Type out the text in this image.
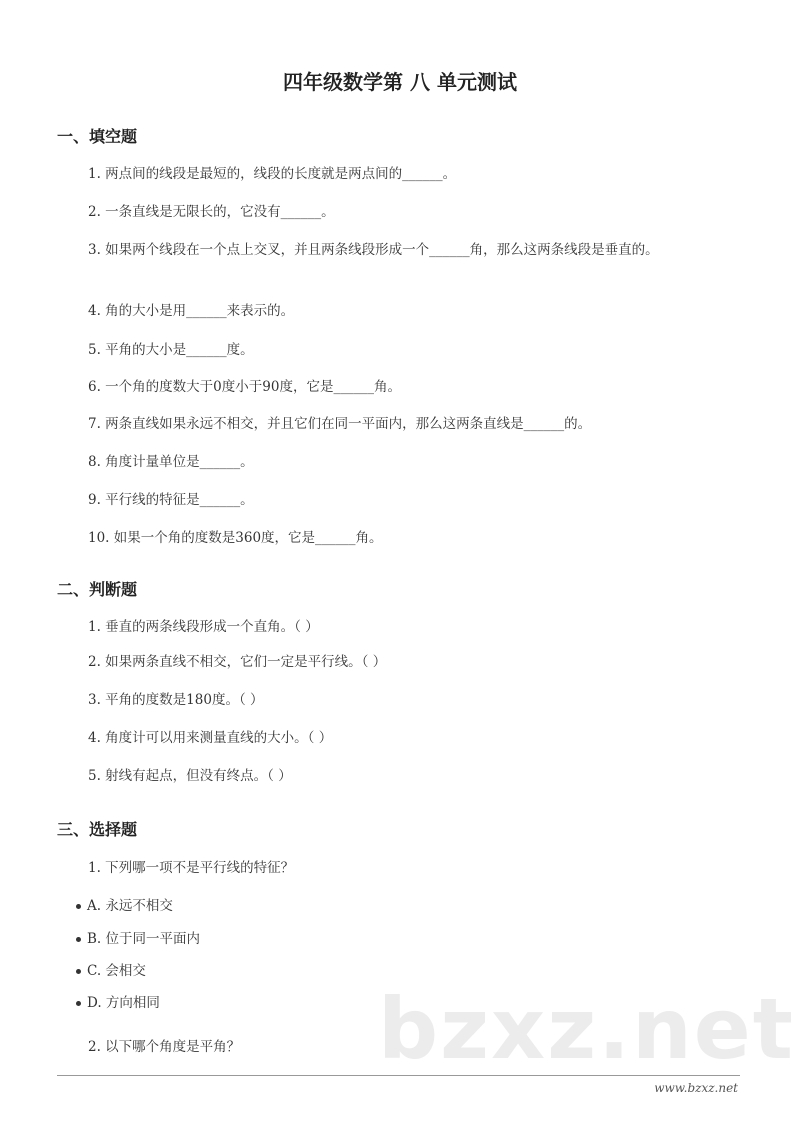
四年级数学第 八 单元测试
一、填空题
1. 两点间的线段是最短的，线段的长度就是两点间的______。
2. 一条直线是无限长的，它没有______。
3. 如果两个线段在一个点上交叉，并且两条线段形成一个______角，那么这两条线段是垂直的。
4. 角的大小是用______来表示的。
5. 平角的大小是______度。
6. 一个角的度数大于0度小于90度，它是______角。
7. 两条直线如果永远不相交，并且它们在同一平面内，那么这两条直线是______的。
8. 角度计量单位是______。
9. 平行线的特征是______。
10. 如果一个角的度数是360度，它是______角。
二、判断题
1. 垂直的两条线段形成一个直角。（ ）
2. 如果两条直线不相交，它们一定是平行线。（ ）
3. 平角的度数是180度。（ ）
4. 角度计可以用来测量直线的大小。（ ）
5. 射线有起点，但没有终点。（ ）
三、选择题
1. 下列哪一项不是平行线的特征？
A. 永远不相交
B. 位于同一平面内
C. 会相交
D. 方向相同	bzxz.net
2. 以下哪个角度是平角？
www.bzxz.net
